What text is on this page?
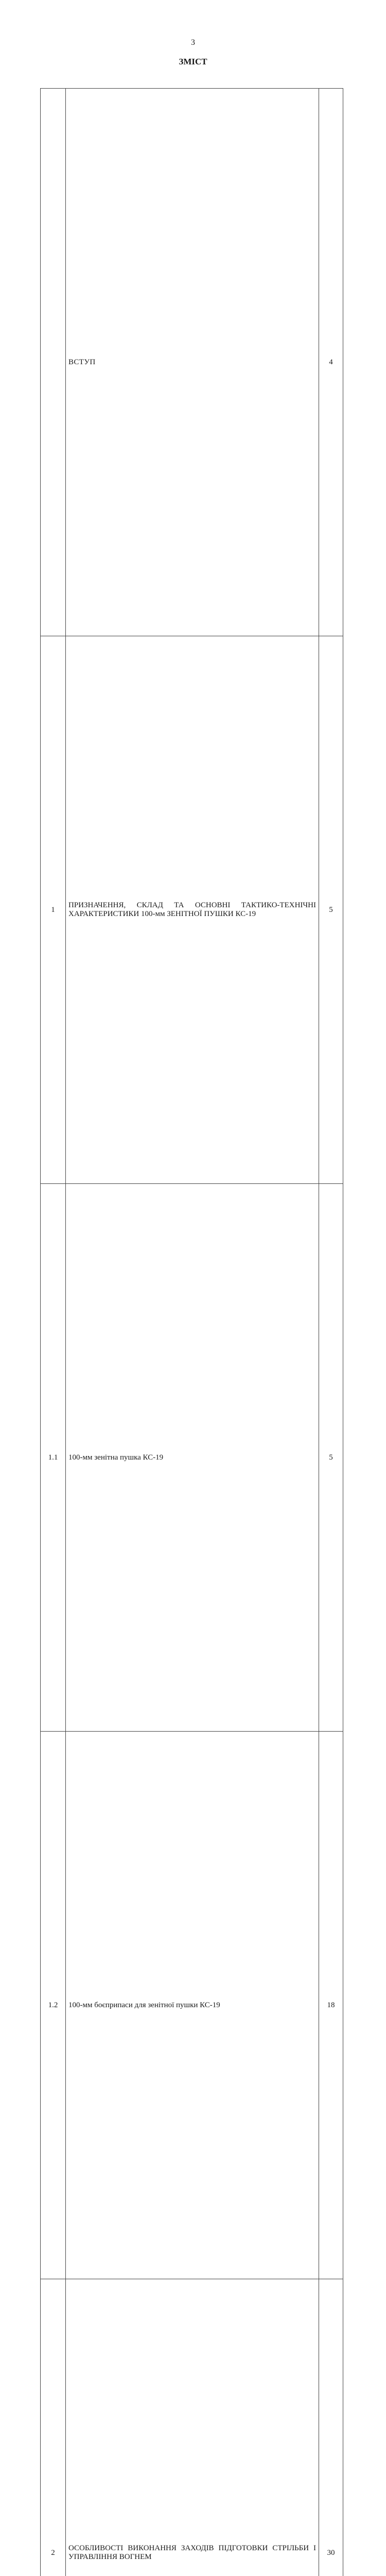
3
ЗМІСТ
	ВСТУП	4
1	ПРИЗНАЧЕННЯ, СКЛАД ТА ОСНОВНІ ТАКТИКО-ТЕХНІЧНІ ХАРАКТЕРИСТИКИ 100-мм ЗЕНІТНОЇ ПУШКИ КС-19	5
1.1	100-мм зенітна пушка КС-19	5
1.2	100-мм боєприпаси для зенітної пушки КС-19	18
2	ОСОБЛИВОСТІ ВИКОНАННЯ ЗАХОДІВ ПІДГОТОВКИ СТРІЛЬБИ І УПРАВЛІННЯ ВОГНЕМ	30
